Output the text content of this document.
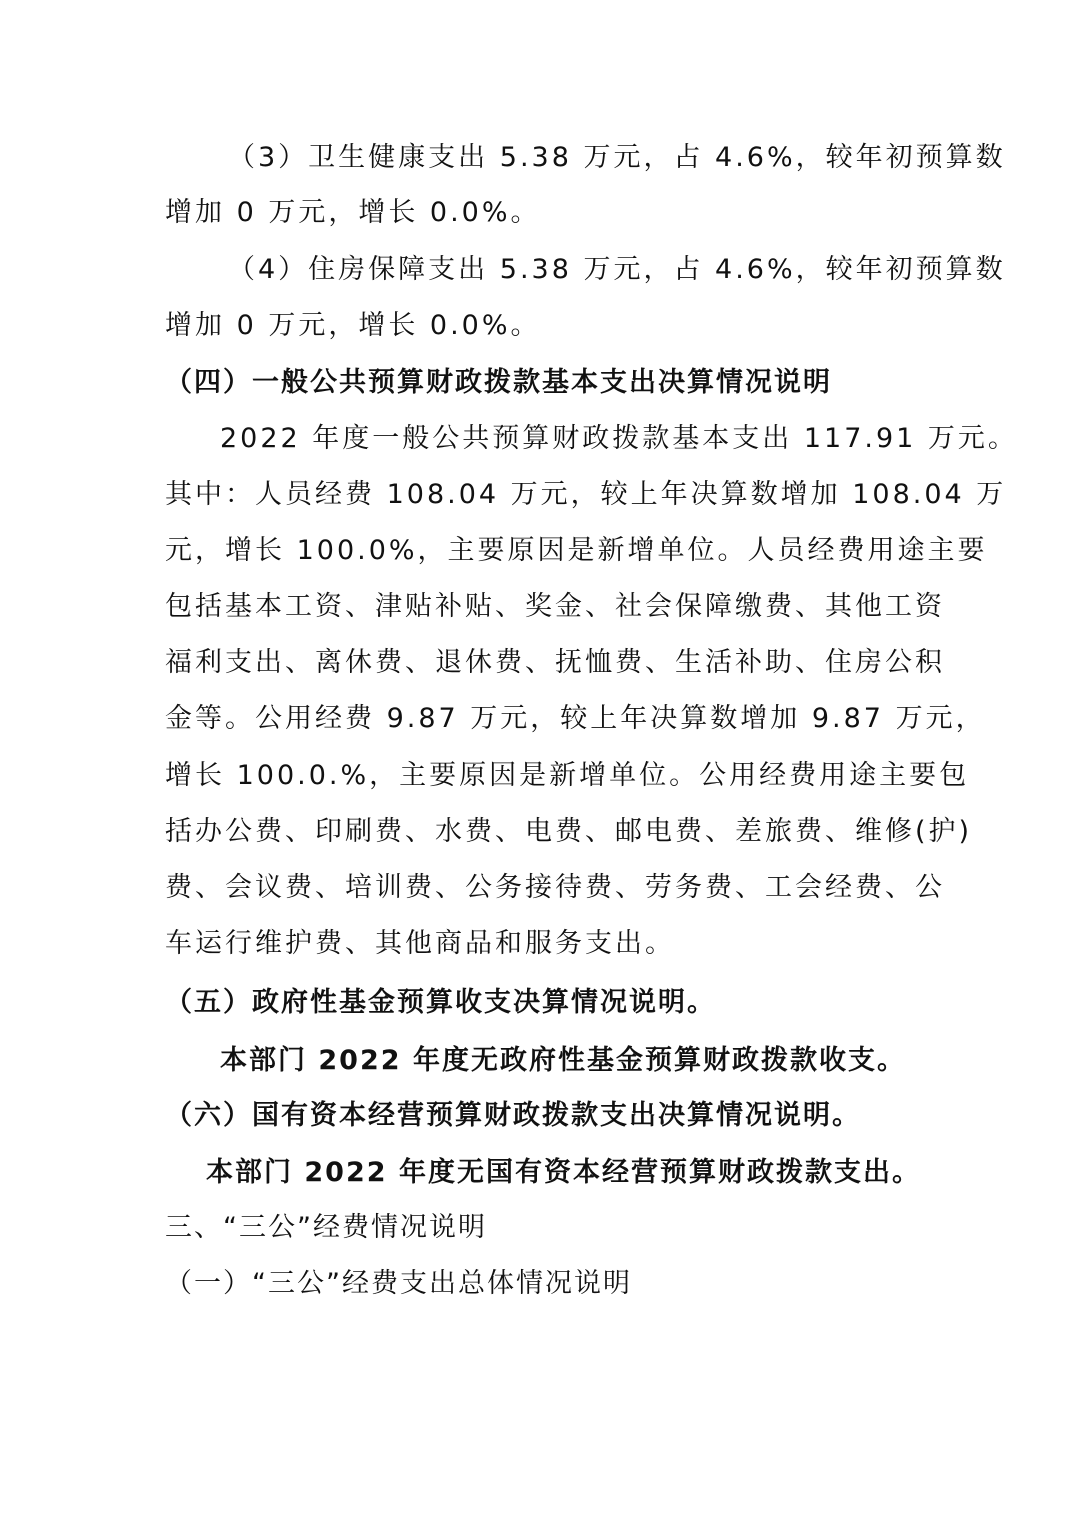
（3）卫生健康支出 5.38 万元，占 4.6%，较年初预算数
增加 0 万元，增长 0.0%。
（4）住房保障支出 5.38 万元，占 4.6%，较年初预算数
增加 0 万元，增长 0.0%。
（四）一般公共预算财政拨款基本支出决算情况说明
2022 年度一般公共预算财政拨款基本支出 117.91 万元。
其中：人员经费 108.04 万元，较上年决算数增加 108.04 万
元，增长 100.0%，主要原因是新增单位。人员经费用途主要
包括基本工资、津贴补贴、奖金、社会保障缴费、其他工资
福利支出、离休费、退休费、抚恤费、生活补助、住房公积
金等。公用经费 9.87 万元，较上年决算数增加 9.87 万元，
增长 100.0.%，主要原因是新增单位。公用经费用途主要包
括办公费、印刷费、水费、电费、邮电费、差旅费、维修(护)
费、会议费、培训费、公务接待费、劳务费、工会经费、公
车运行维护费、其他商品和服务支出。
（五）政府性基金预算收支决算情况说明。
本部门 2022 年度无政府性基金预算财政拨款收支。
（六）国有资本经营预算财政拨款支出决算情况说明。
本部门 2022 年度无国有资本经营预算财政拨款支出。
三、“三公”经费情况说明
（一）“三公”经费支出总体情况说明
